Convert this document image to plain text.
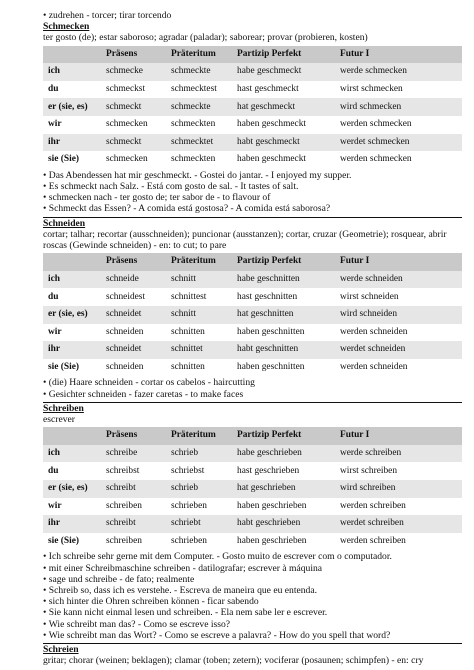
• zudrehen - torcer; tirar torcendo
Schmecken
ter gosto (de); estar saboroso; agradar (paladar); saborear; provar (probieren, kosten)
	Präsens	Präteritum	Partizip Perfekt	Futur I
ich	schmecke	schmeckte	habe geschmeckt	werde schmecken
du	schmeckst	schmecktest	hast geschmeckt	wirst schmecken
er (sie, es)	schmeckt	schmeckte	hat geschmeckt	wird schmecken
wir	schmecken	schmeckten	haben geschmeckt	werden schmecken
ihr	schmeckt	schmecktet	habt geschmeckt	werdet schmecken
sie (Sie)	schmecken	schmeckten	haben geschmeckt	werden schmecken
• Das Abendessen hat mir geschmeckt. - Gostei do jantar. - I enjoyed my supper.
• Es schmeckt nach Salz. - Está com gosto de sal. - It tastes of salt.
• schmecken nach - ter gosto de; ter sabor de - to flavour of
• Schmeckt das Essen? - A comida está gostosa? - A comida está saborosa?
Schneiden
cortar; talhar; recortar (ausschneiden); puncionar (ausstanzen); cortar, cruzar (Geometrie); rosquear, abrir roscas (Gewinde schneiden) - en: to cut; to pare
	Präsens	Präteritum	Partizip Perfekt	Futur I
ich	schneide	schnitt	habe geschnitten	werde schneiden
du	schneidest	schnittest	hast geschnitten	wirst schneiden
er (sie, es)	schneidet	schnitt	hat geschnitten	wird schneiden
wir	schneiden	schnitten	haben geschnitten	werden schneiden
ihr	schneidet	schnittet	habt geschnitten	werdet schneiden
sie (Sie)	schneiden	schnitten	haben geschnitten	werden schneiden
• (die) Haare schneiden - cortar os cabelos - haircutting
• Gesichter schneiden - fazer caretas - to make faces
Schreiben
escrever
	Präsens	Präteritum	Partizip Perfekt	Futur I
ich	schreibe	schrieb	habe geschrieben	werde schreiben
du	schreibst	schriebst	hast geschrieben	wirst schreiben
er (sie, es)	schreibt	schrieb	hat geschrieben	wird schreiben
wir	schreiben	schrieben	haben geschrieben	werden schreiben
ihr	schreibt	schriebt	habt geschrieben	werdet schreiben
sie (Sie)	schreiben	schrieben	haben geschrieben	werden schreiben
• Ich schreibe sehr gerne mit dem Computer. - Gosto muito de escrever com o computador.
• mit einer Schreibmaschine schreiben - datilografar; escrever à máquina
• sage und schreibe - de fato; realmente
• Schreib so, dass ich es verstehe. - Escreva de maneira que eu entenda.
• sich hinter die Ohren schreiben können - ficar sabendo
• Sie kann nicht einmal lesen und schreiben. - Ela nem sabe ler e escrever.
• Wie schreibt man das? - Como se escreve isso?
• Wie schreibt man das Wort? - Como se escreve a palavra? - How do you spell that word?
Schreien
gritar; chorar (weinen; beklagen); clamar (toben; zetern); vociferar (posaunen; schimpfen) - en: cry
